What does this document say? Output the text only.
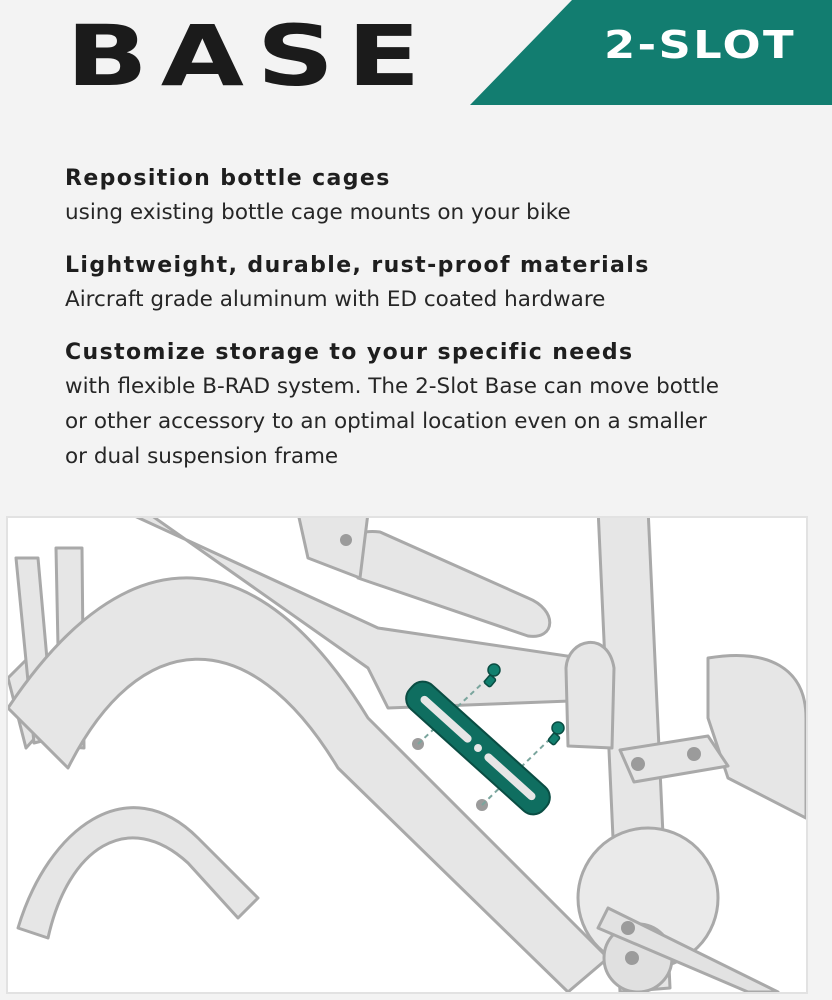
BASE	2-SLOT
Reposition bottle cages

using existing bottle cage mounts on your bike

Lightweight, durable, rust-proof materials

Aircraft grade aluminum with ED coated hardware

Customize storage to your specific needs

with flexible B-RAD system. The 2-Slot Base can move bottle

or other accessory to an optimal location even on a smaller

or dual suspension frame
